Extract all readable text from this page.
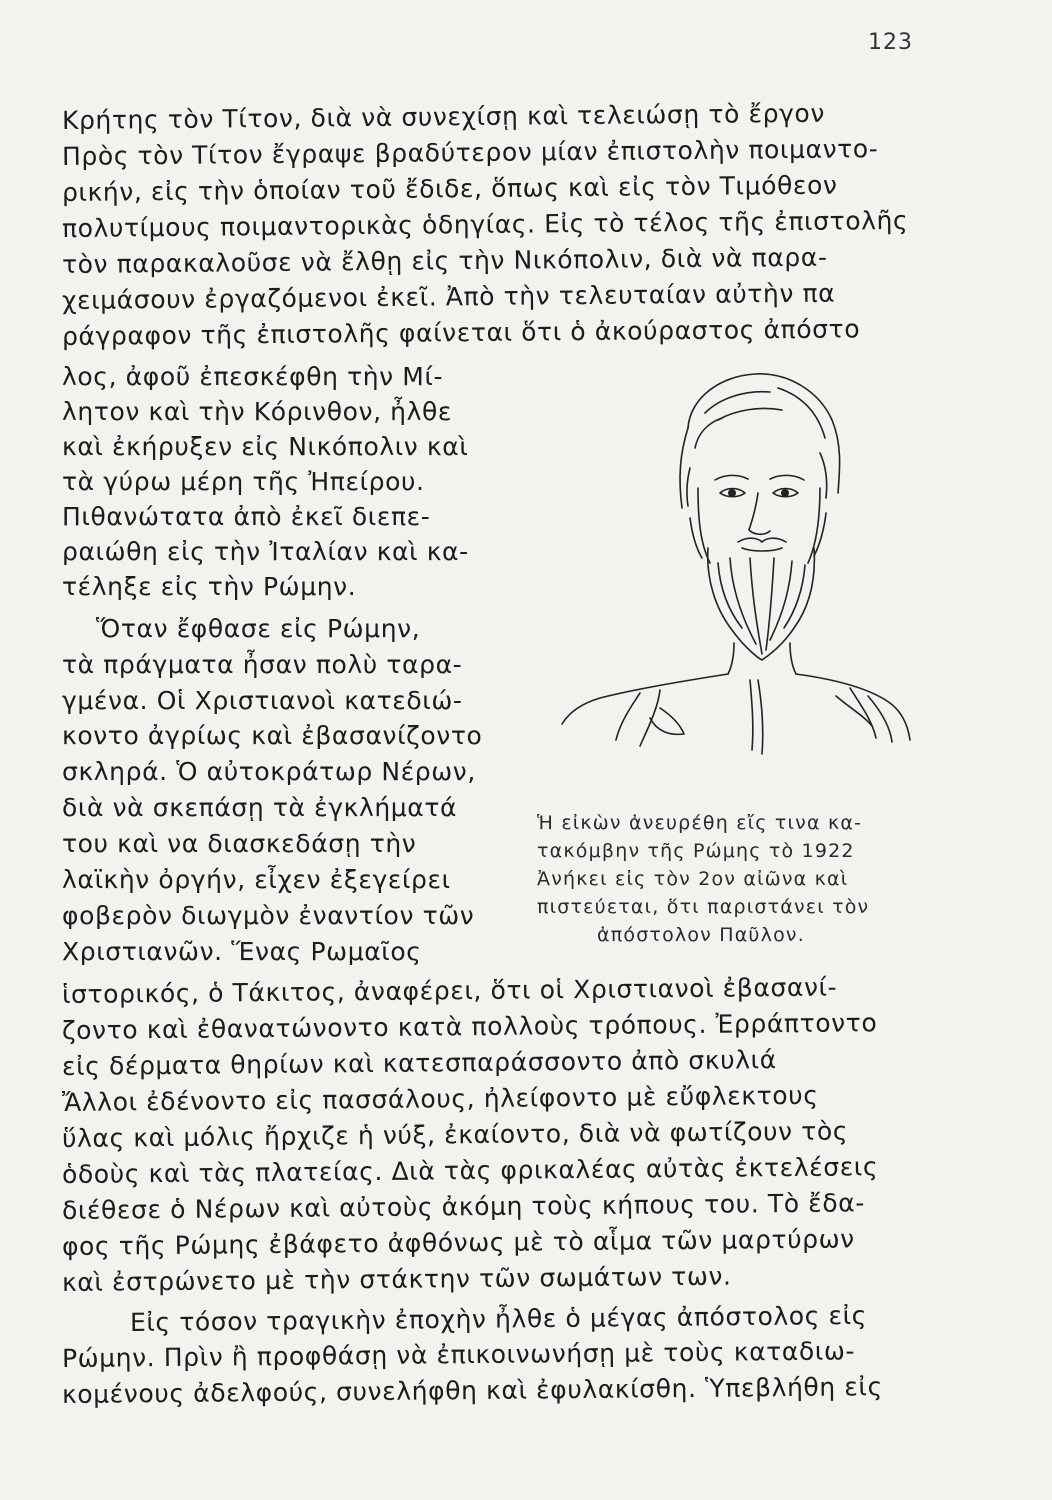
123
Κρήτης τὸν Τίτον, διὰ νὰ συνεχίσῃ καὶ τελειώσῃ τὸ ἔργον
Πρὸς τὸν Τίτον ἔγραψε βραδύτερον μίαν ἐπιστολὴν ποιμαντο-
ρικήν, εἰς τὴν ὁποίαν τοῦ ἔδιδε, ὅπως καὶ εἰς τὸν Τιμόθεον
πολυτίμους ποιμαντορικὰς ὁδηγίας. Εἰς τὸ τέλος τῆς ἐπιστολῆς
τὸν παρακαλοῦσε νὰ ἔλθῃ εἰς τὴν Νικόπολιν, διὰ νὰ παρα-
χειμάσουν ἐργαζόμενοι ἐκεῖ. Ἀπὸ τὴν τελευταίαν αὐτὴν πα
ράγραφον τῆς ἐπιστολῆς φαίνεται ὅτι ὁ ἀκούραστος ἀπόστο
λος, ἀφοῦ ἐπεσκέφθη τὴν Μί-
λητον καὶ τὴν Κόρινθον, ἦλθε
καὶ ἐκήρυξεν εἰς Νικόπολιν καὶ
τὰ γύρω μέρη τῆς Ἠπείρου.
Πιθανώτατα ἀπὸ ἐκεῖ διεπε-
ραιώθη εἰς τὴν Ἰταλίαν καὶ κα-
τέληξε εἰς τὴν Ρώμην.
Ὅταν ἔφθασε εἰς Ρώμην,
τὰ πράγματα ἦσαν πολὺ ταρα-
γμένα. Οἱ Χριστιανοὶ κατεδιώ-
κοντο ἀγρίως καὶ ἐβασανίζοντο
σκληρά. Ὁ αὐτοκράτωρ Νέρων,
διὰ νὰ σκεπάσῃ τὰ ἐγκλήματά
του καὶ να διασκεδάσῃ τὴν
λαϊκὴν ὀργήν, εἶχεν ἐξεγείρει
φοβερὸν διωγμὸν ἐναντίον τῶν
Χριστιανῶν. Ἕνας Ρωμαῖος
Ἡ εἰκὼν ἀνευρέθη εἴς τινα κα-
τακόμβην τῆς Ρώμης τὸ 1922
Ἀνήκει εἰς τὸν 2ον αἰῶνα καὶ
πιστεύεται, ὅτι παριστάνει τὸν
ἀπόστολον Παῦλον.
ἱστορικός, ὁ Τάκιτος, ἀναφέρει, ὅτι οἱ Χριστιανοὶ ἐβασανί-
ζοντο καὶ ἐθανατώνοντο κατὰ πολλοὺς τρόπους. Ἐρράπτοντο
εἰς δέρματα θηρίων καὶ κατεσπαράσσοντο ἀπὸ σκυλιά
Ἄλλοι ἐδένοντο εἰς πασσάλους, ἠλείφοντο μὲ εὔφλεκτους
ὕλας καὶ μόλις ἤρχιζε ἡ νύξ, ἐκαίοντο, διὰ νὰ φωτίζουν τὸς
ὁδοὺς καὶ τὰς πλατείας. Διὰ τὰς φρικαλέας αὐτὰς ἐκτελέσεις
διέθεσε ὁ Νέρων καὶ αὐτοὺς ἀκόμη τοὺς κήπους του. Τὸ ἔδα-
φος τῆς Ρώμης ἐβάφετο ἀφθόνως μὲ τὸ αἷμα τῶν μαρτύρων
καὶ ἐστρώνετο μὲ τὴν στάκτην τῶν σωμάτων των.
Εἰς τόσον τραγικὴν ἐποχὴν ἦλθε ὁ μέγας ἀπόστολος εἰς
Ρώμην. Πρὶν ἢ προφθάσῃ νὰ ἐπικοινωνήσῃ μὲ τοὺς καταδιω-
κομένους ἀδελφούς, συνελήφθη καὶ ἐφυλακίσθη. Ὑπεβλήθη εἰς
